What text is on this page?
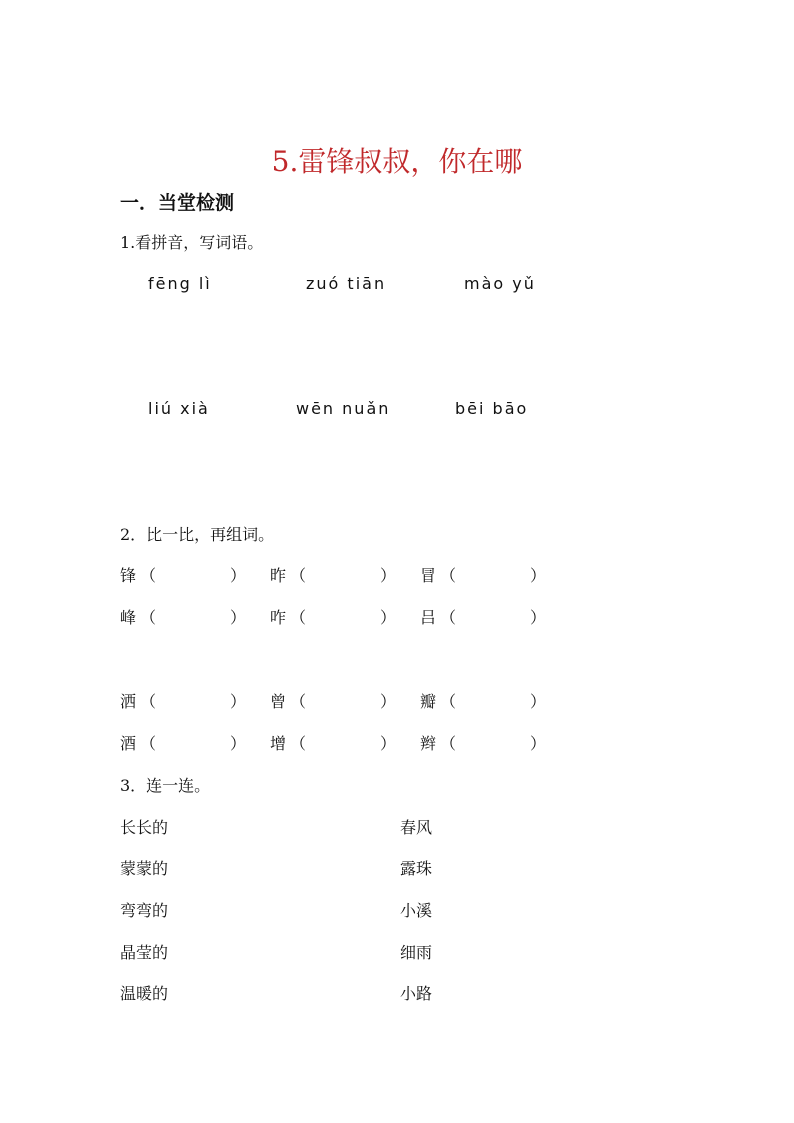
5.雷锋叔叔，你在哪
一．当堂检测
1.看拼音，写词语。
fēng lì	zuó tiān	mào yǔ
liú xià	wēn nuǎn	bēi bāo
2．比一比，再组词。
锋 （	） 昨 （	） 冒 （	）
峰 （	） 咋 （	） 吕 （	）
洒 （	） 曾 （	） 瓣 （	）
酒 （	） 增 （	） 辫 （	）
3．连一连。
长长的	春风
蒙蒙的	露珠
弯弯的	小溪
晶莹的	细雨
温暖的	小路
